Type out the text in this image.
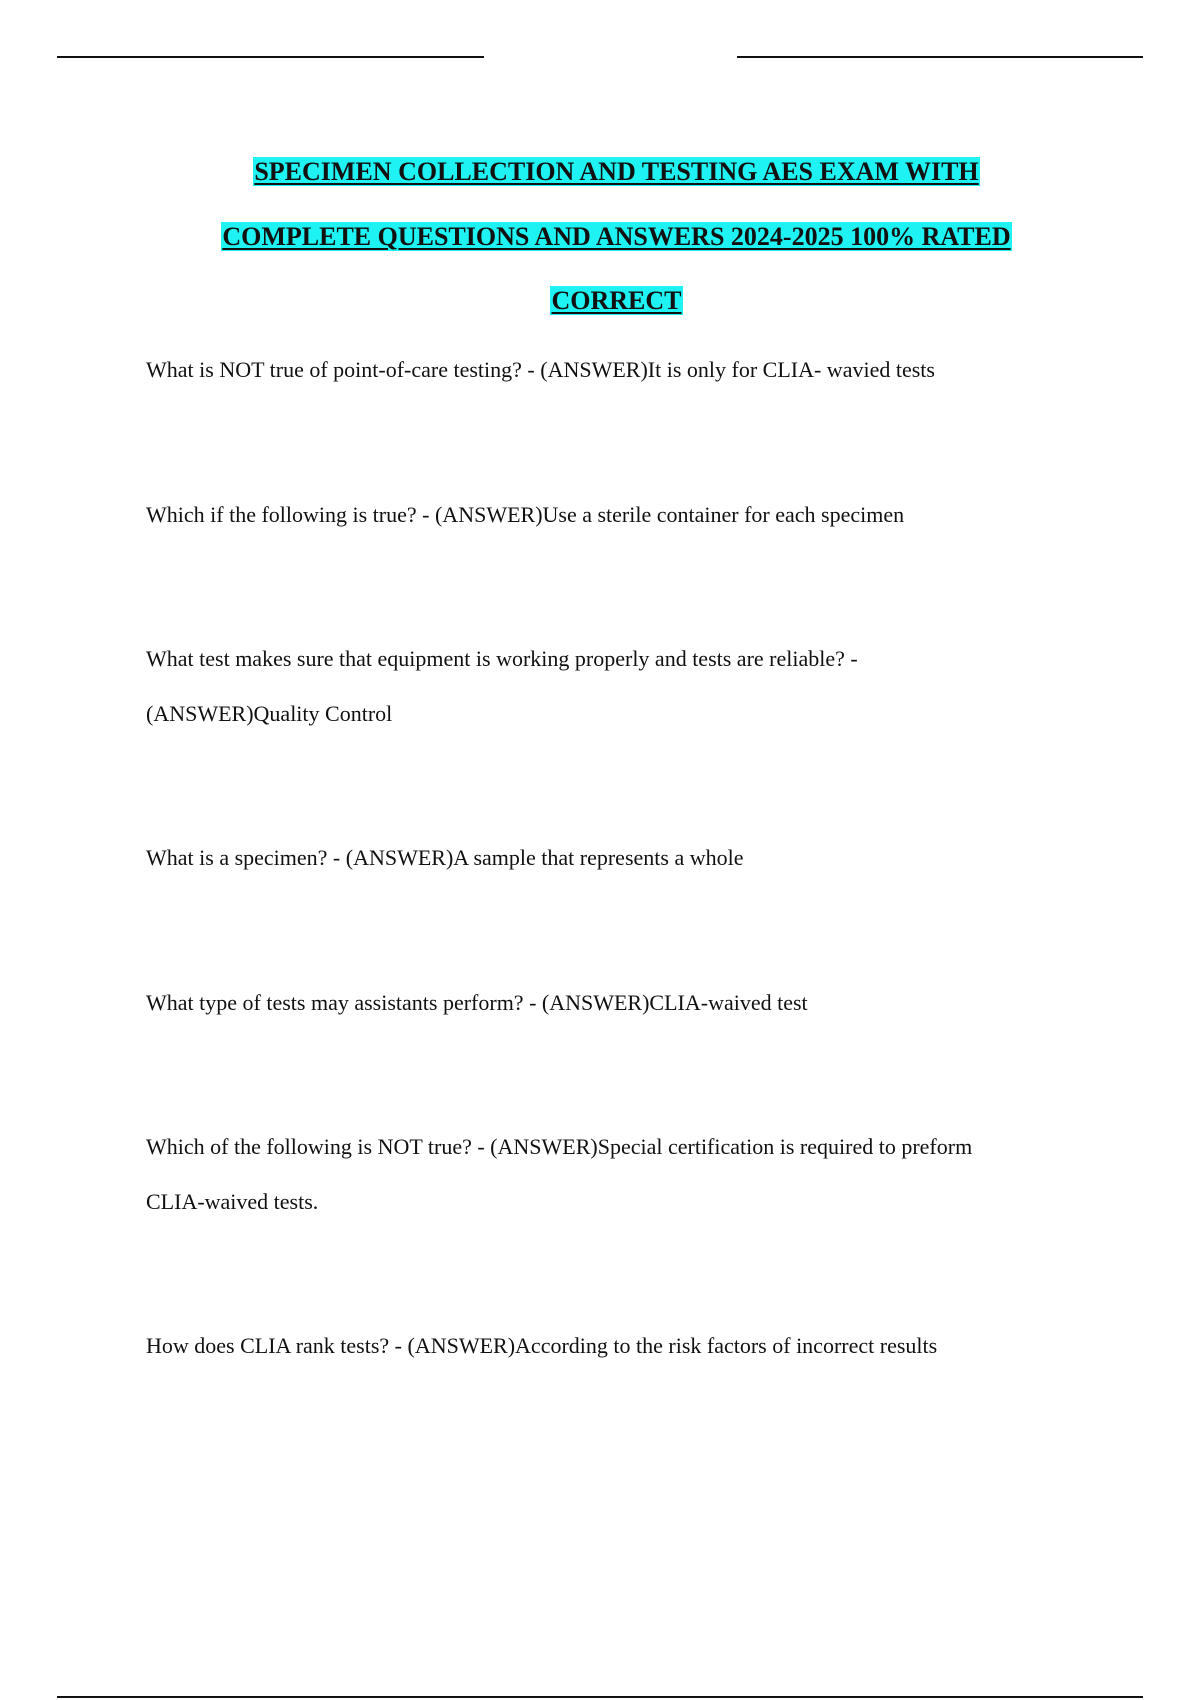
SPECIMEN COLLECTION AND TESTING AES EXAM WITH
COMPLETE QUESTIONS AND ANSWERS 2024-2025 100% RATED
CORRECT
What is NOT true of point-of-care testing? - (ANSWER)It is only for CLIA- wavied tests
Which if the following is true? - (ANSWER)Use a sterile container for each specimen
What test makes sure that equipment is working properly and tests are reliable? -
(ANSWER)Quality Control
What is a specimen? - (ANSWER)A sample that represents a whole
What type of tests may assistants perform? - (ANSWER)CLIA-waived test
Which of the following is NOT true? - (ANSWER)Special certification is required to preform
CLIA-waived tests.
How does CLIA rank tests? - (ANSWER)According to the risk factors of incorrect results
